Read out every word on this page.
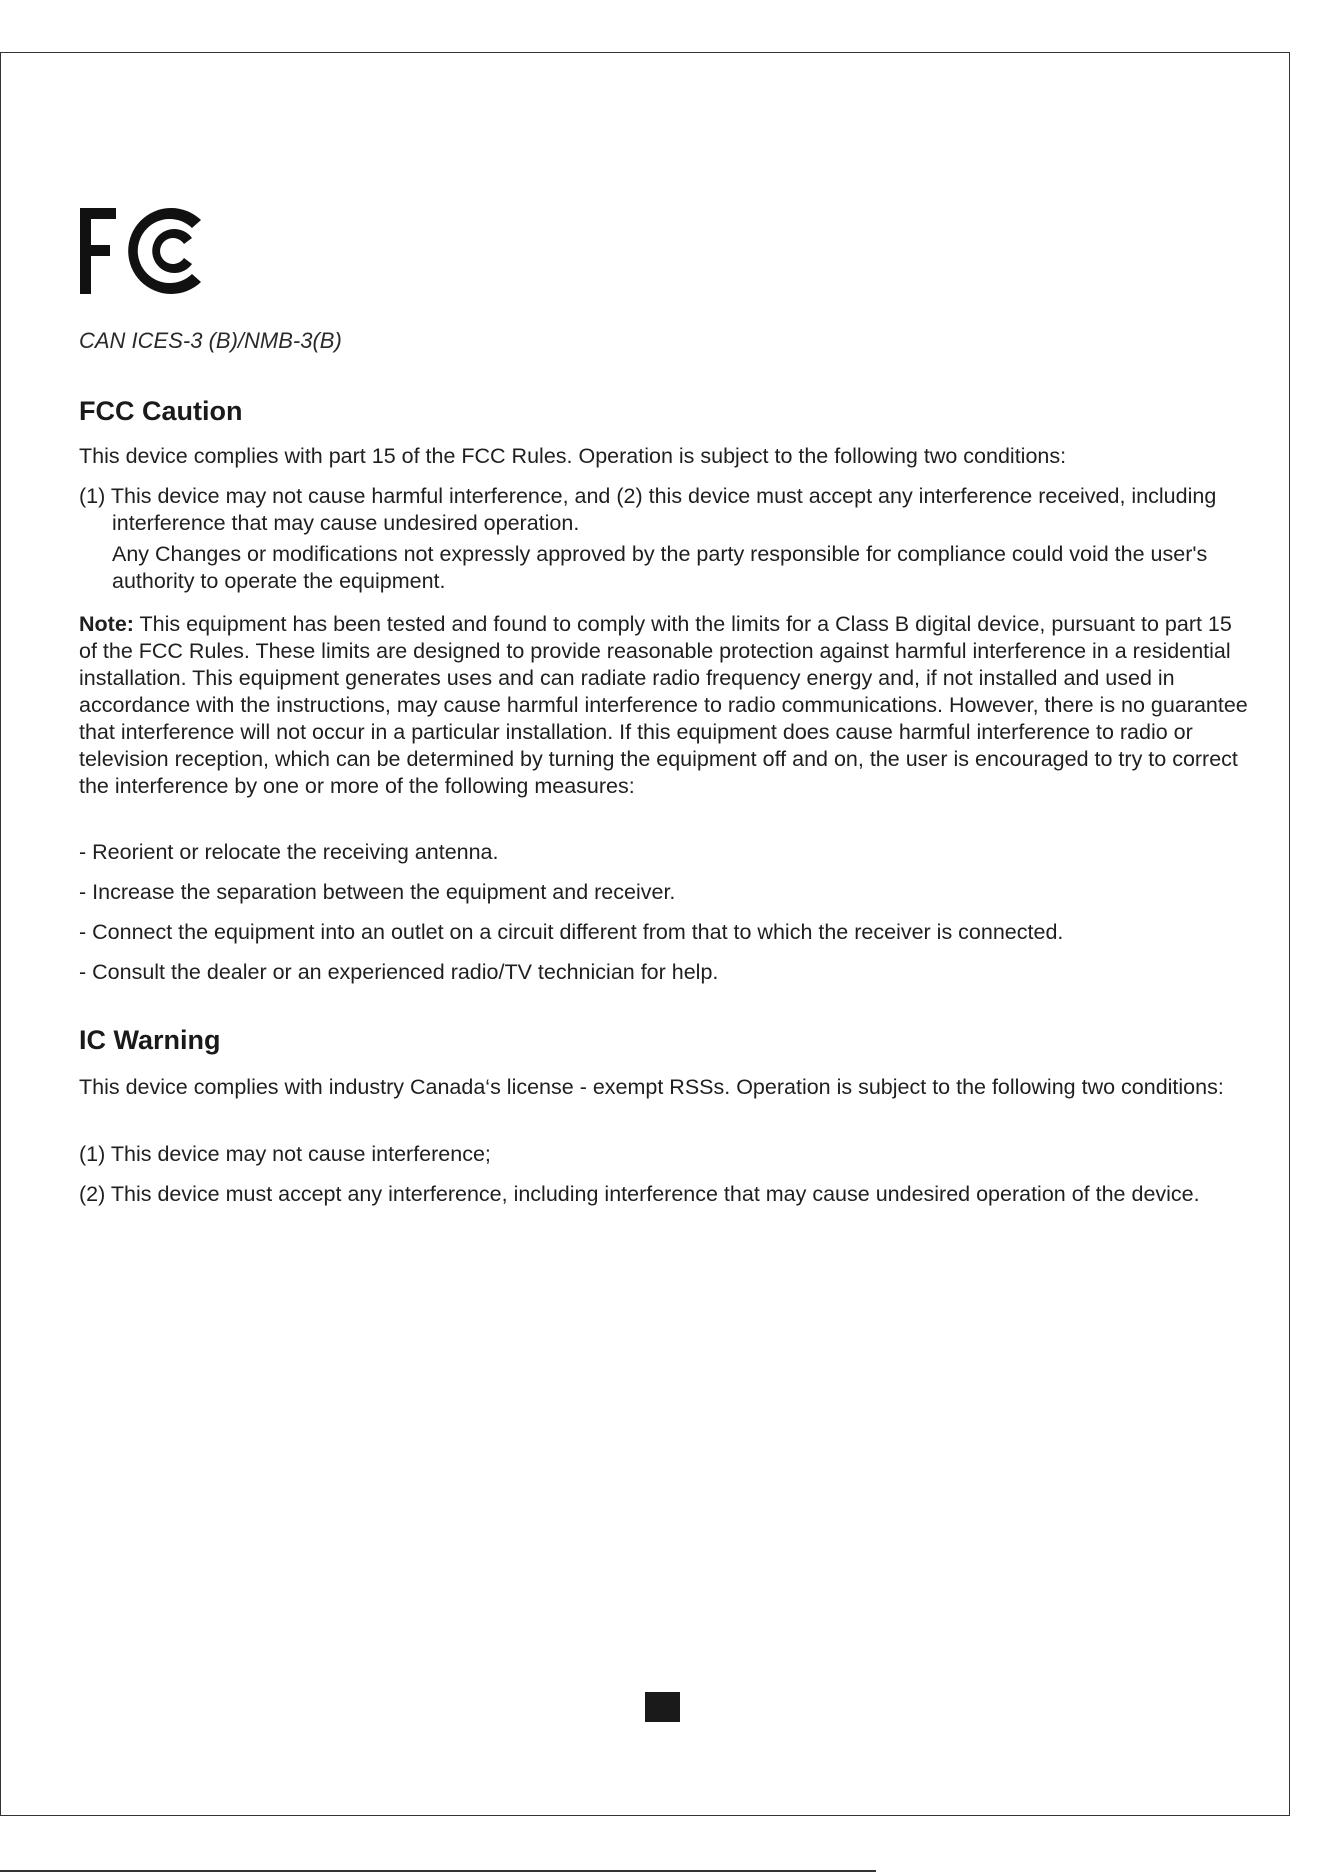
CAN ICES-3 (B)/NMB-3(B)
FCC Caution

This device complies with part 15 of the FCC Rules. Operation is subject to the following two conditions:

(1) This device may not cause harmful interference, and (2) this device must accept any interference received, including interference that may cause undesired operation.

Any Changes or modifications not expressly approved by the party responsible for compliance could void the user's authority to operate the equipment.

Note: This equipment has been tested and found to comply with the limits for a Class B digital device, pursuant to part 15 of the FCC Rules. These limits are designed to provide reasonable protection against harmful interference in a residential installation. This equipment generates uses and can radiate radio frequency energy and, if not installed and used in accordance with the instructions, may cause harmful interference to radio communications. However, there is no guarantee that interference will not occur in a particular installation. If this equipment does cause harmful interference to radio or television reception, which can be determined by turning the equipment off and on, the user is encouraged to try to correct the interference by one or more of the following measures:

- Reorient or relocate the receiving antenna.

- Increase the separation between the equipment and receiver.

- Connect the equipment into an outlet on a circuit different from that to which the receiver is connected.

- Consult the dealer or an experienced radio/TV technician for help.

IC Warning

This device complies with industry Canada‘s license - exempt RSSs. Operation is subject to the following two conditions:

(1) This device may not cause interference;

(2) This device must accept any interference, including interference that may cause undesired operation of the device.
